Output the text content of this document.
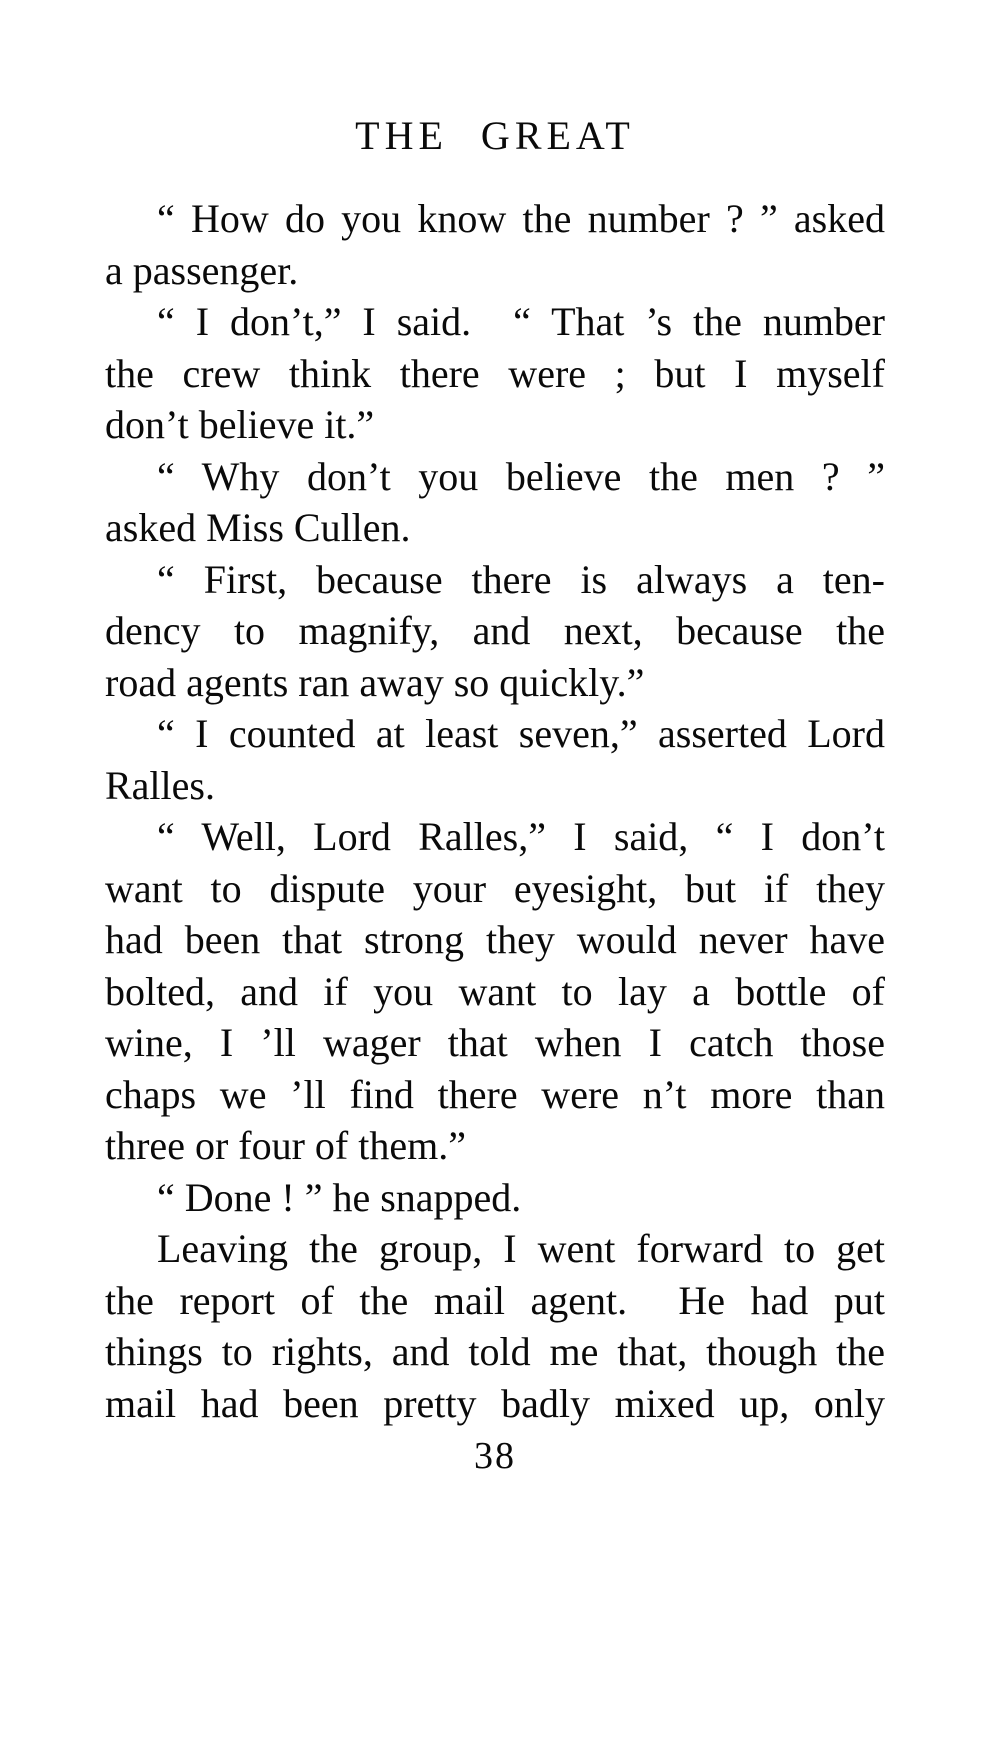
THE GREAT
“ How do you know the number ? ” asked
a passenger.
“ I don’t,” I said.  “ That ’s the number
the crew think there were ; but I myself
don’t believe it.”
“ Why don’t you believe the men ? ”
asked Miss Cullen.
“ First, because there is always a ten-
dency to magnify, and next, because the
road agents ran away so quickly.”
“ I counted at least seven,” asserted Lord
Ralles.
“ Well, Lord Ralles,” I said, “ I don’t
want to dispute your eyesight, but if they
had been that strong they would never have
bolted, and if you want to lay a bottle of
wine, I ’ll wager that when I catch those
chaps we ’ll find there were n’t more than
three or four of them.”
“ Done ! ” he snapped.
Leaving the group, I went forward to get
the report of the mail agent.  He had put
things to rights, and told me that, though the
mail had been pretty badly mixed up, only
38
